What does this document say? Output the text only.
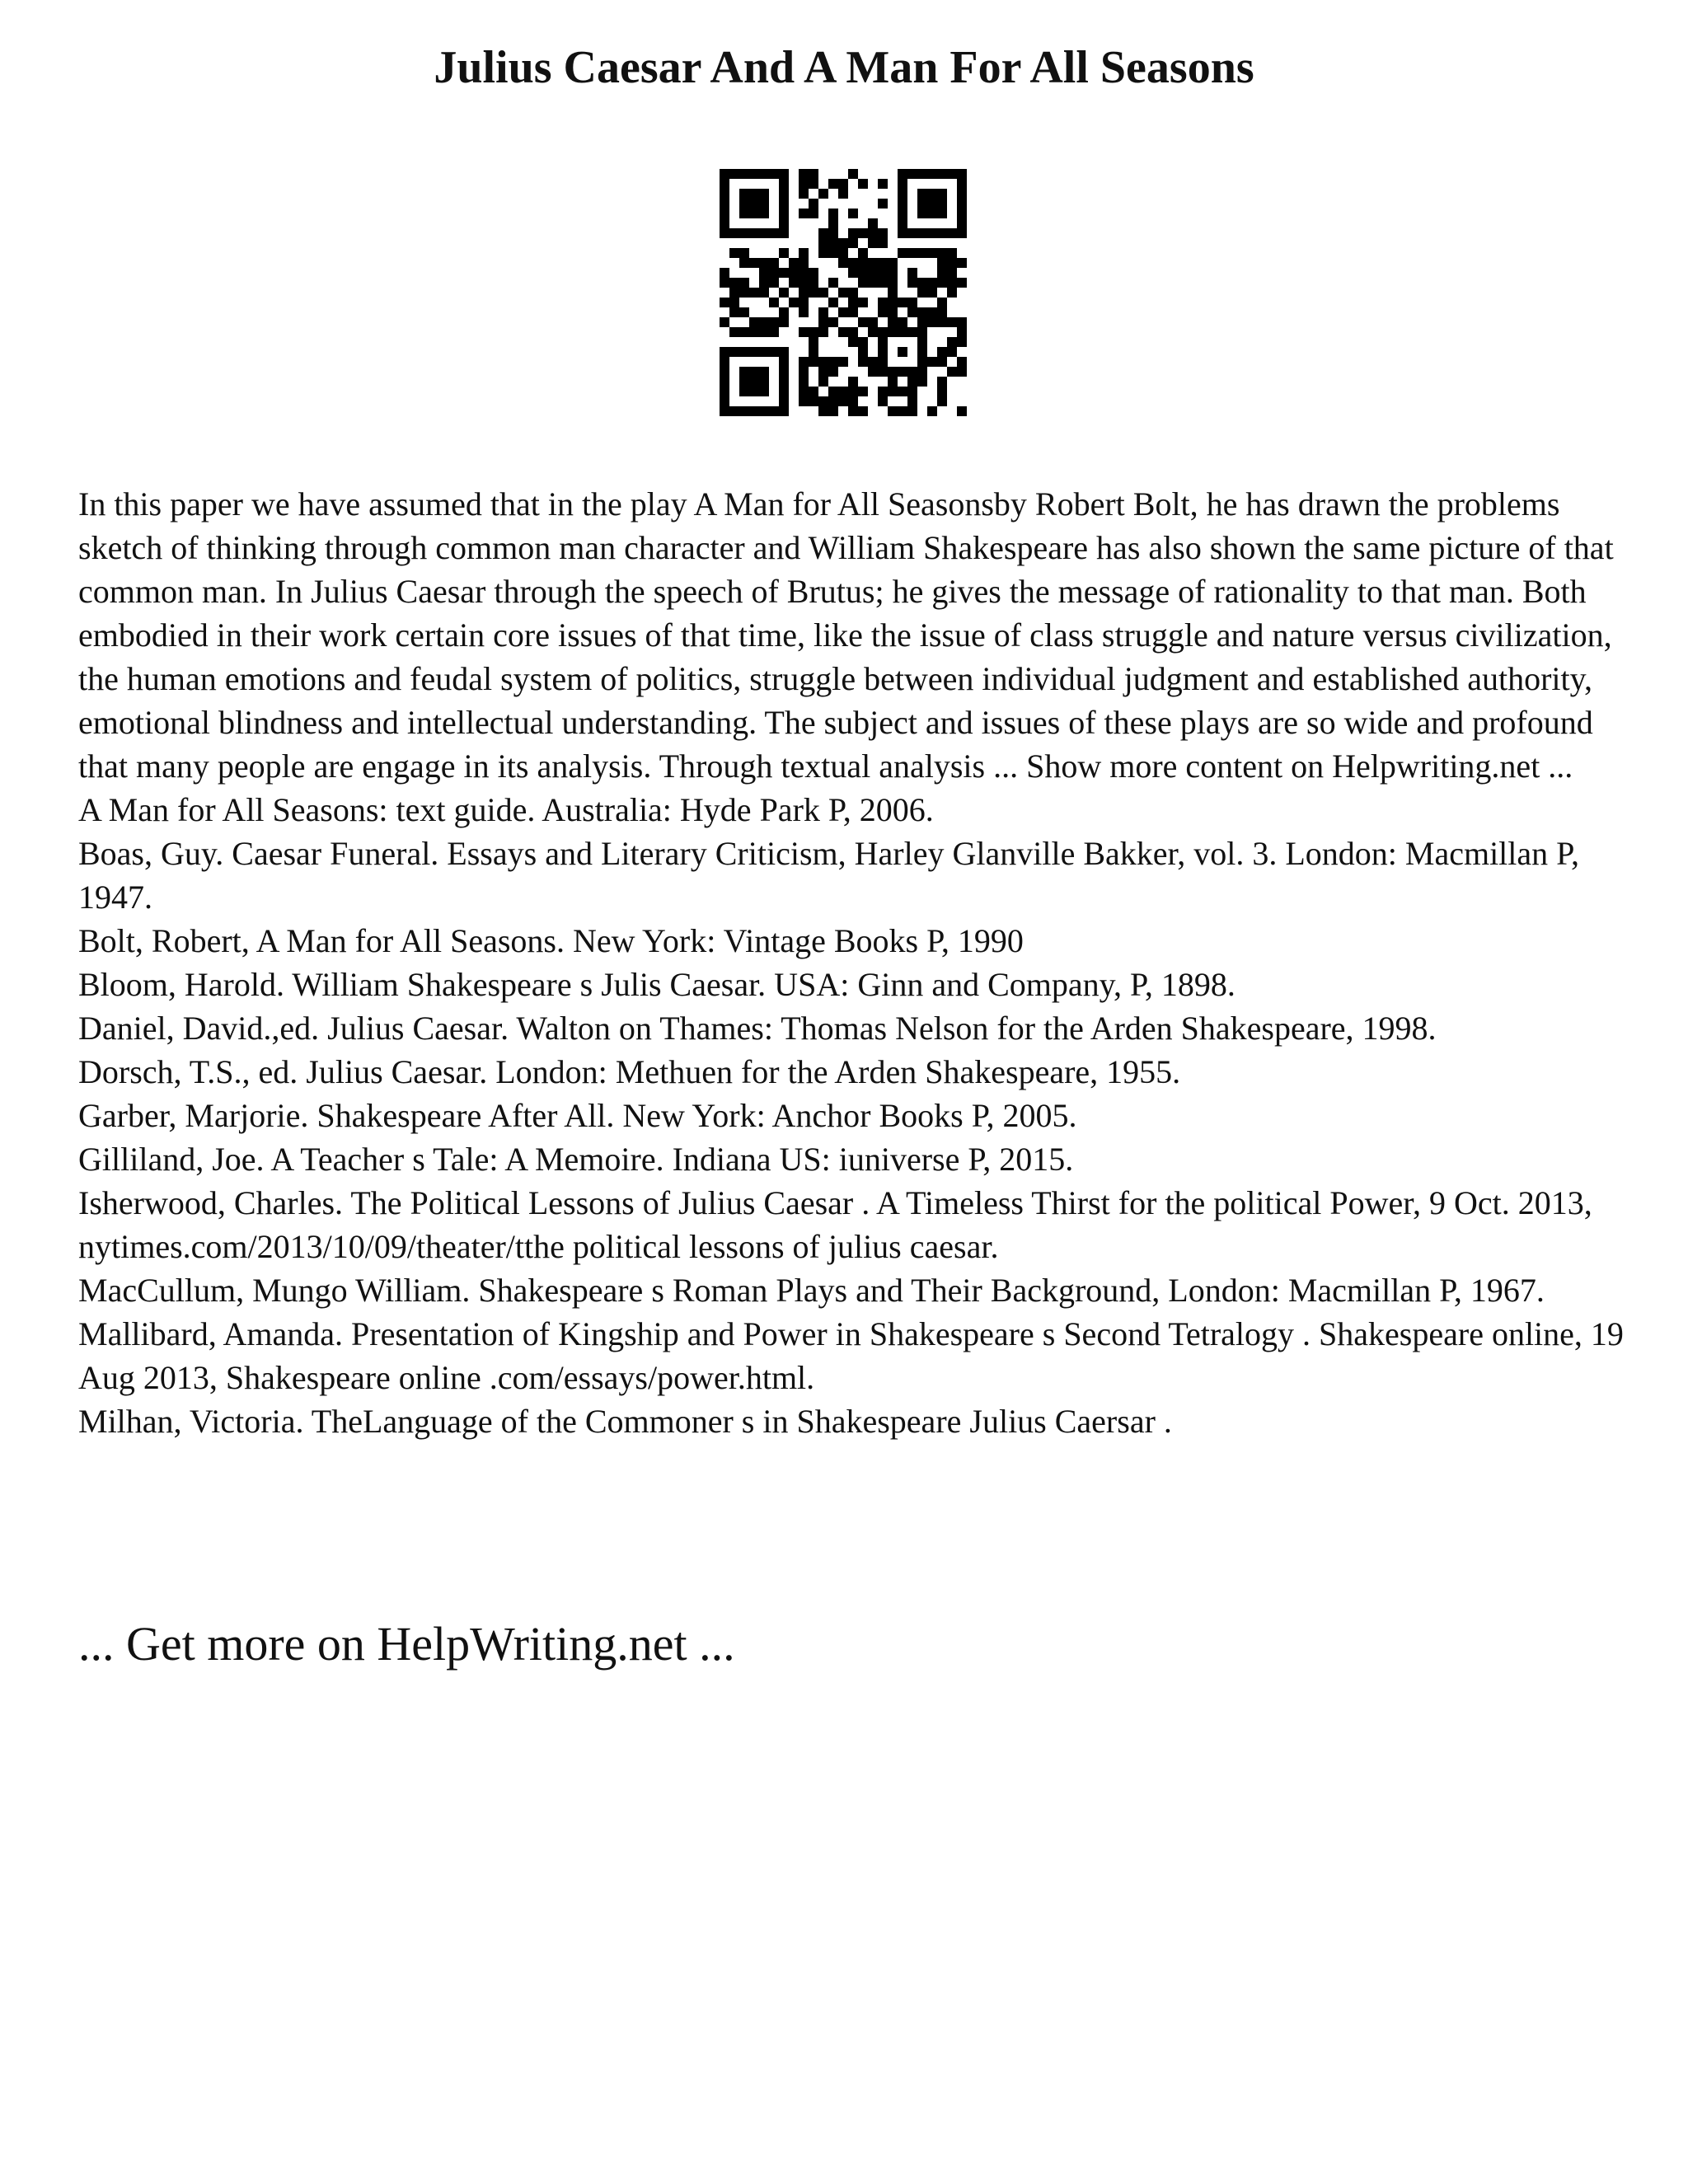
Julius Caesar And A Man For All Seasons

In this paper we have assumed that in the play A Man for All Seasonsby Robert Bolt, he has drawn the problems sketch of thinking through common man character and William Shakespeare has also shown the same picture of that common man. In Julius Caesar through the speech of Brutus; he gives the message of rationality to that man. Both embodied in their work certain core issues of that time, like the issue of class struggle and nature versus civilization, the human emotions and feudal system of politics, struggle between individual judgment and established authority, emotional blindness and intellectual understanding. The subject and issues of these plays are so wide and profound that many people are engage in its analysis. Through textual analysis ... Show more content on Helpwriting.net ...

A Man for All Seasons: text guide. Australia: Hyde Park P, 2006.

Boas, Guy. Caesar Funeral. Essays and Literary Criticism, Harley Glanville Bakker, vol. 3. London: Macmillan P, 1947.

Bolt, Robert, A Man for All Seasons. New York: Vintage Books P, 1990

Bloom, Harold. William Shakespeare s Julis Caesar. USA: Ginn and Company, P, 1898.

Daniel, David.,ed. Julius Caesar. Walton on Thames: Thomas Nelson for the Arden Shakespeare, 1998.

Dorsch, T.S., ed. Julius Caesar. London: Methuen for the Arden Shakespeare, 1955.

Garber, Marjorie. Shakespeare After All. New York: Anchor Books P, 2005.

Gilliland, Joe. A Teacher s Tale: A Memoire. Indiana US: iuniverse P, 2015.

Isherwood, Charles. The Political Lessons of Julius Caesar . A Timeless Thirst for the political Power, 9 Oct. 2013, nytimes.com/2013/10/09/theater/tthe political lessons of julius caesar.

MacCullum, Mungo William. Shakespeare s Roman Plays and Their Background, London: Macmillan P, 1967.

Mallibard, Amanda. Presentation of Kingship and Power in Shakespeare s Second Tetralogy . Shakespeare online, 19 Aug 2013, Shakespeare online .com/essays/power.html.

Milhan, Victoria. TheLanguage of the Commoner s in Shakespeare Julius Caersar .

... Get more on HelpWriting.net ...
